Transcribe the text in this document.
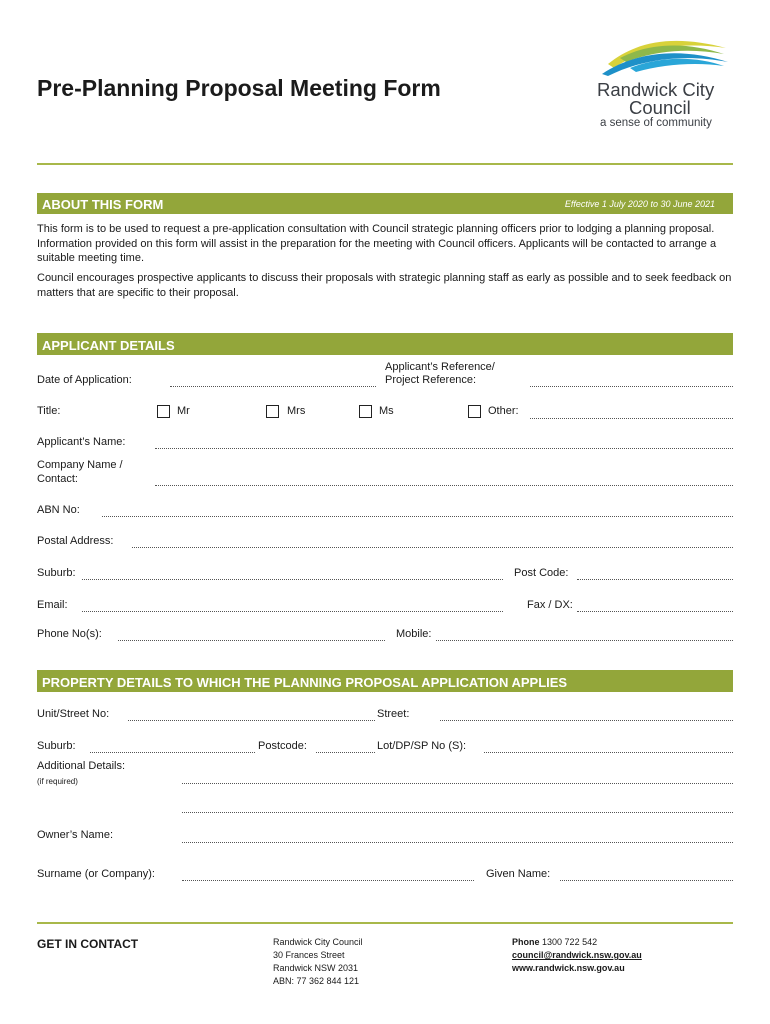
Pre-Planning Proposal Meeting Form	Randwick City
Council
a sense of community
ABOUT THIS FORM	Effective 1 July 2020 to 30 June 2021
This form is to be used to request a pre-application consultation with Council strategic planning officers prior to lodging a planning proposal. Information provided on this form will assist in the preparation for the meeting with Council officers. Applicants will be contacted to arrange a suitable meeting time.
Council encourages prospective applicants to discuss their proposals with strategic planning staff as early as possible and to seek feedback on matters that are specific to their proposal.
APPLICANT DETAILS
Date of Application:
Applicant’s Reference/
Project Reference:
Title:	Mr	Mrs	Ms	Other:
Applicant’s Name:
Company Name /
Contact:
ABN No:
Postal Address:
Suburb:	Post Code:
Email:	Fax / DX:
Phone No(s):	Mobile:
PROPERTY DETAILS TO WHICH THE PLANNING PROPOSAL APPLICATION APPLIES
Unit/Street No:	Street:
Suburb:	Postcode:	Lot/DP/SP No (S):
Additional Details:
(if required)
Owner’s Name:
Surname (or Company):	Given Name:
GET IN CONTACT	Randwick City Council
30 Frances Street
Randwick NSW 2031
ABN: 77 362 844 121
Phone 1300 722 542
council@randwick.nsw.gov.au
www.randwick.nsw.gov.au
